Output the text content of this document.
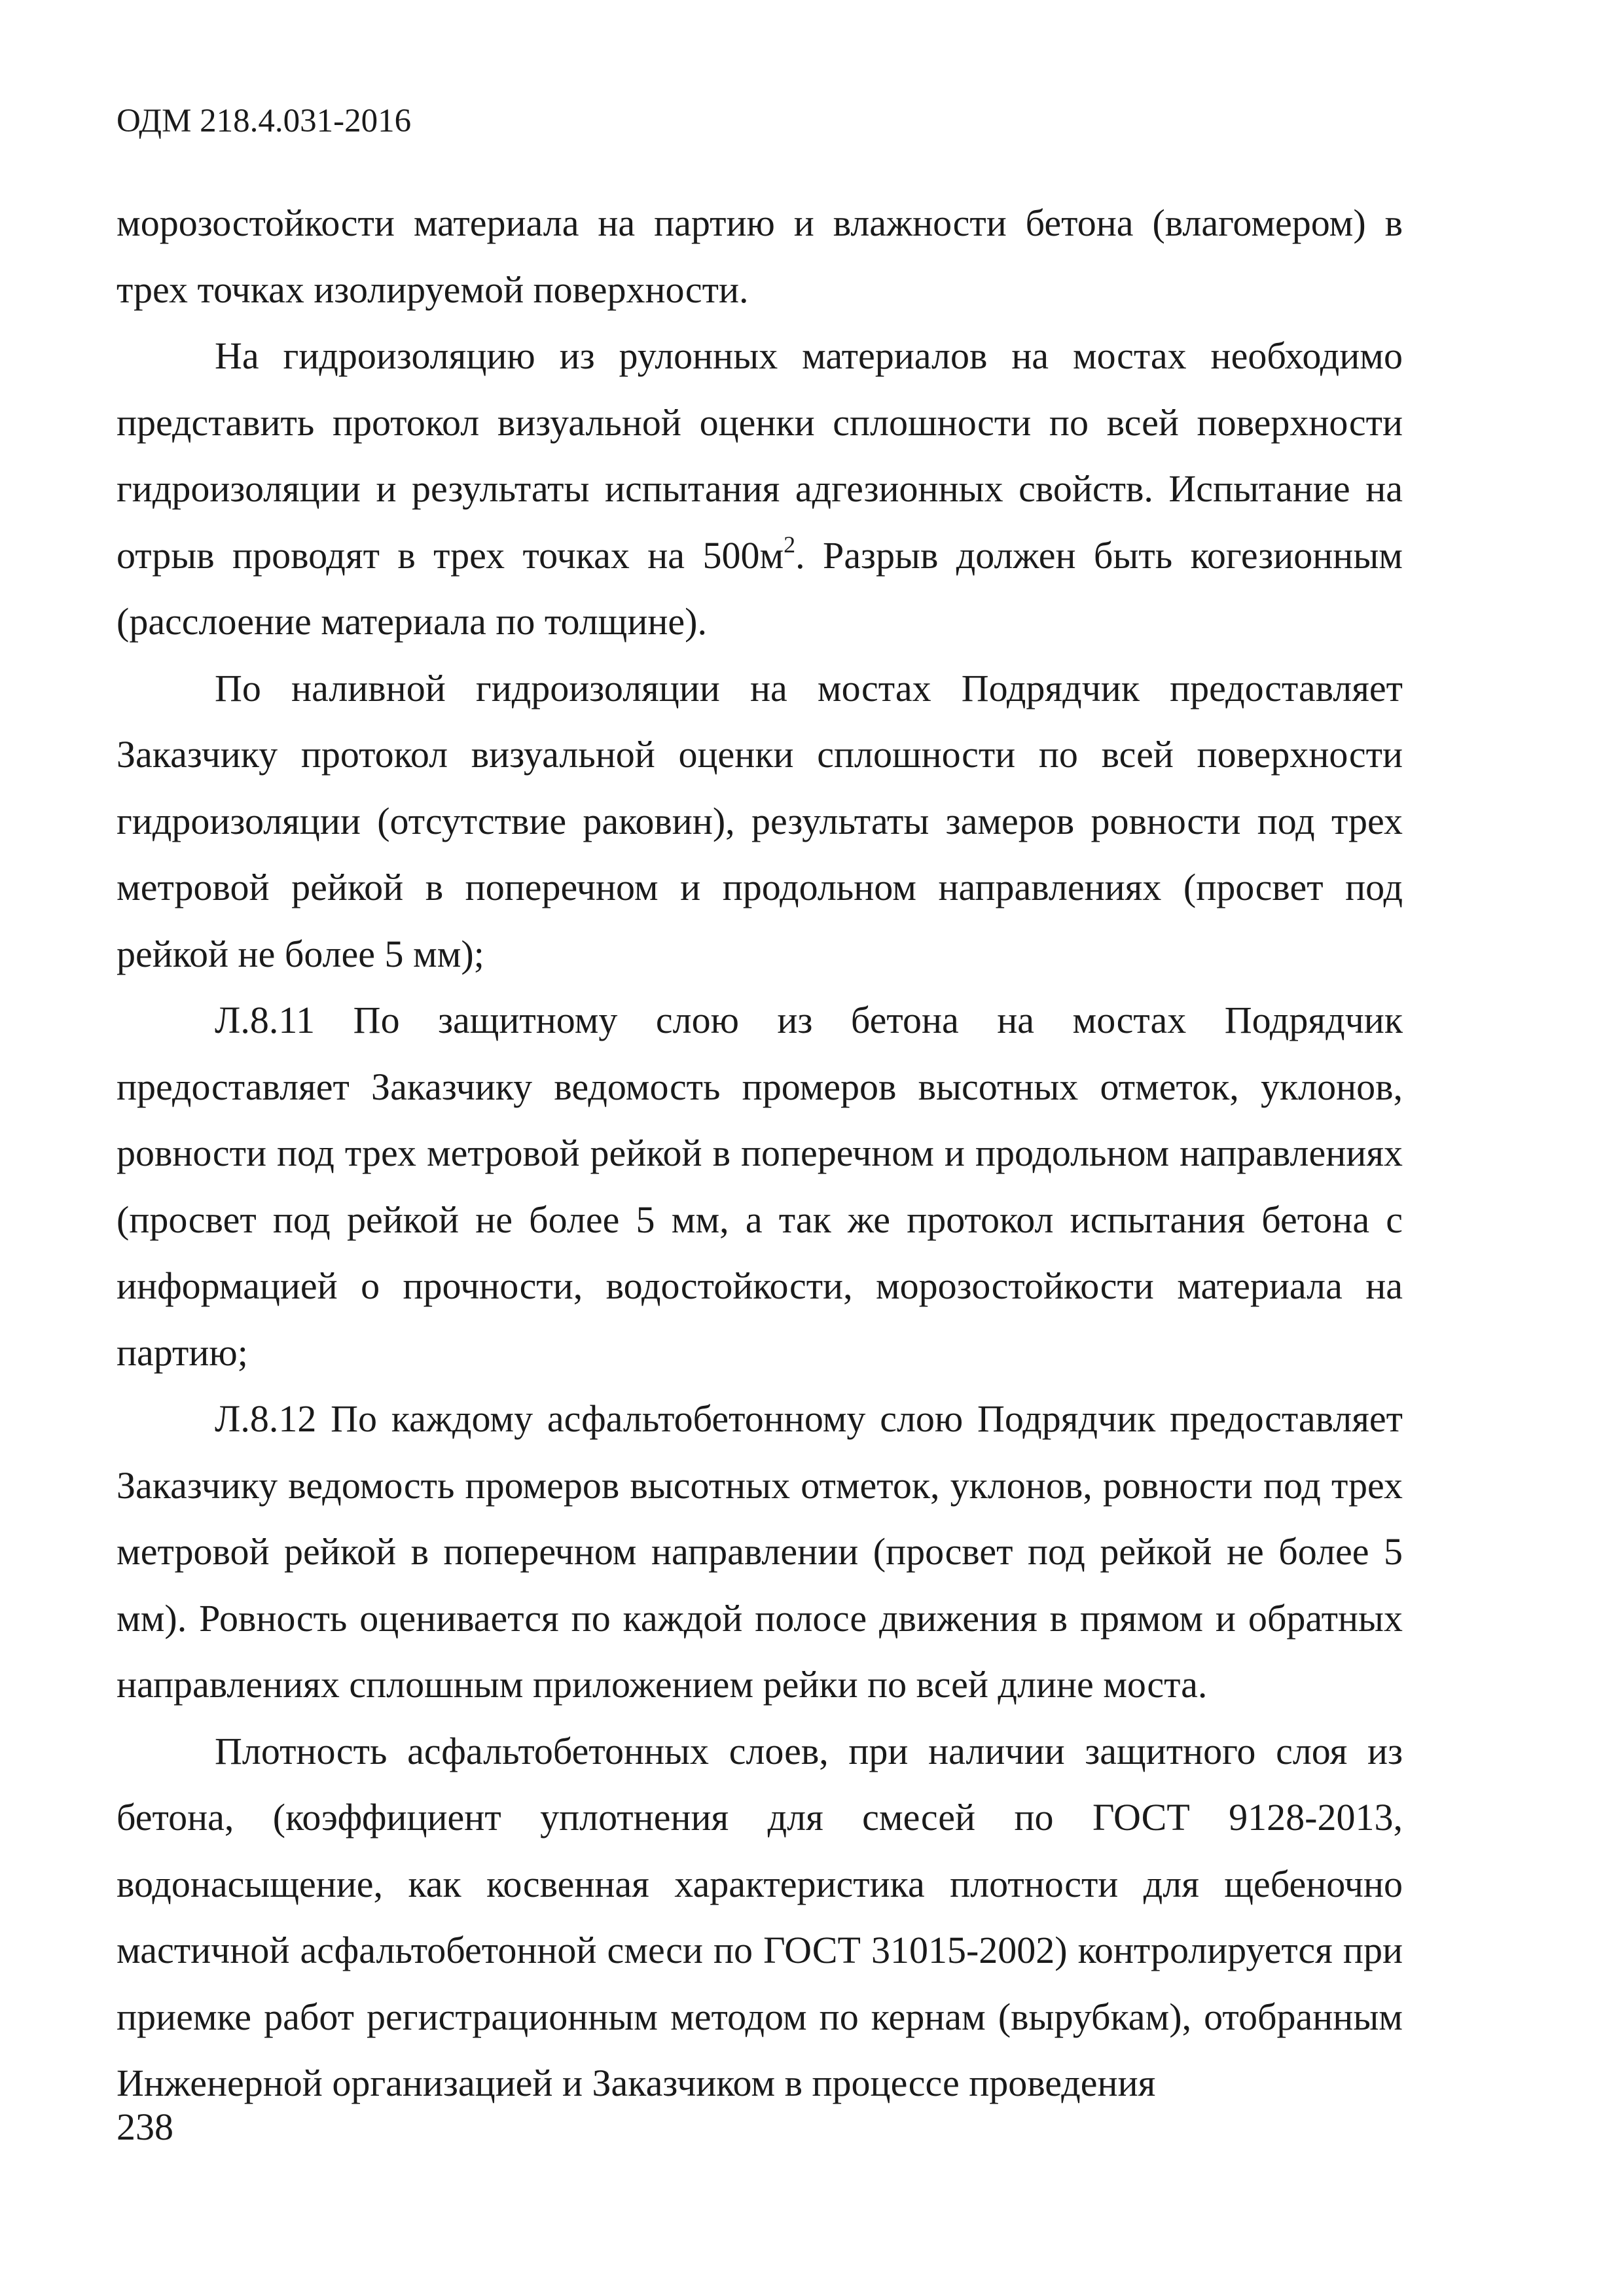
ОДМ 218.4.031-2016

морозостойкости материала на партию и влажности бетона (влагомером) в трех точках изолируемой поверхности.

На гидроизоляцию из рулонных материалов на мостах необходимо представить протокол визуальной оценки сплошности по всей поверхности гидроизоляции и результаты испытания адгезионных свойств. Испытание на отрыв проводят в трех точках на $500м^2$. Разрыв должен быть когезионным (расслоение материала по толщине).

По наливной гидроизоляции на мостах Подрядчик предоставляет Заказчику протокол визуальной оценки сплошности по всей поверхности гидроизоляции (отсутствие раковин), результаты замеров ровности под трех метровой рейкой в поперечном и продольном направлениях (просвет под рейкой не более 5 мм);

Л.8.11 По защитному слою из бетона на мостах Подрядчик предоставляет Заказчику ведомость промеров высотных отметок, уклонов, ровности под трех метровой рейкой в поперечном и продольном направлениях (просвет под рейкой не более 5 мм, а так же протокол испытания бетона с информацией о прочности, водостойкости, морозостойкости материала на партию;

Л.8.12 По каждому асфальтобетонному слою Подрядчик предоставляет Заказчику ведомость промеров высотных отметок, уклонов, ровности под трех метровой рейкой в поперечном направлении (просвет под рейкой не более 5 мм). Ровность оценивается по каждой полосе движения в прямом и обратных направлениях сплошным приложением рейки по всей длине моста.

Плотность асфальтобетонных слоев, при наличии защитного слоя из бетона, (коэффициент уплотнения для смесей по ГОСТ 9128-2013, водонасыщение, как косвенная характеристика плотности для щебеночно мастичной асфальтобетонной смеси по ГОСТ 31015-2002) контролируется при приемке работ регистрационным методом по кернам (вырубкам), отобранным Инженерной организацией и Заказчиком в процессе проведения

238
